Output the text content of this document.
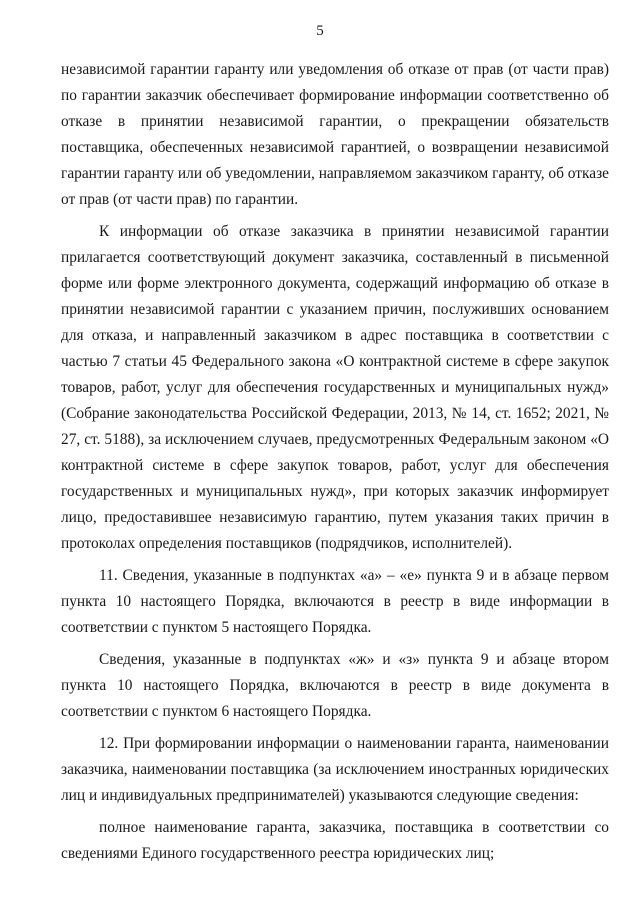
5

независимой гарантии гаранту или уведомления об отказе от прав (от части прав) по гарантии заказчик обеспечивает формирование информации соответственно об отказе в принятии независимой гарантии, о прекращении обязательств поставщика, обеспеченных независимой гарантией, о возвращении независимой гарантии гаранту или об уведомлении, направляемом заказчиком гаранту, об отказе от прав (от части прав) по гарантии.

К информации об отказе заказчика в принятии независимой гарантии прилагается соответствующий документ заказчика, составленный в письменной форме или форме электронного документа, содержащий информацию об отказе в принятии независимой гарантии с указанием причин, послуживших основанием для отказа, и направленный заказчиком в адрес поставщика в соответствии с частью 7 статьи 45 Федерального закона «О контрактной системе в сфере закупок товаров, работ, услуг для обеспечения государственных и муниципальных нужд» (Собрание законодательства Российской Федерации, 2013, № 14, ст. 1652; 2021, № 27, ст. 5188), за исключением случаев, предусмотренных Федеральным законом «О контрактной системе в сфере закупок товаров, работ, услуг для обеспечения государственных и муниципальных нужд», при которых заказчик информирует лицо, предоставившее независимую гарантию, путем указания таких причин в протоколах определения поставщиков (подрядчиков, исполнителей).

11. Сведения, указанные в подпунктах «а» – «е» пункта 9 и в абзаце первом пункта 10 настоящего Порядка, включаются в реестр в виде информации в соответствии с пунктом 5 настоящего Порядка.

Сведения, указанные в подпунктах «ж» и «з» пункта 9 и абзаце втором пункта 10 настоящего Порядка, включаются в реестр в виде документа в соответствии с пунктом 6 настоящего Порядка.

12. При формировании информации о наименовании гаранта, наименовании заказчика, наименовании поставщика (за исключением иностранных юридических лиц и индивидуальных предпринимателей) указываются следующие сведения:

полное наименование гаранта, заказчика, поставщика в соответствии со сведениями Единого государственного реестра юридических лиц;
